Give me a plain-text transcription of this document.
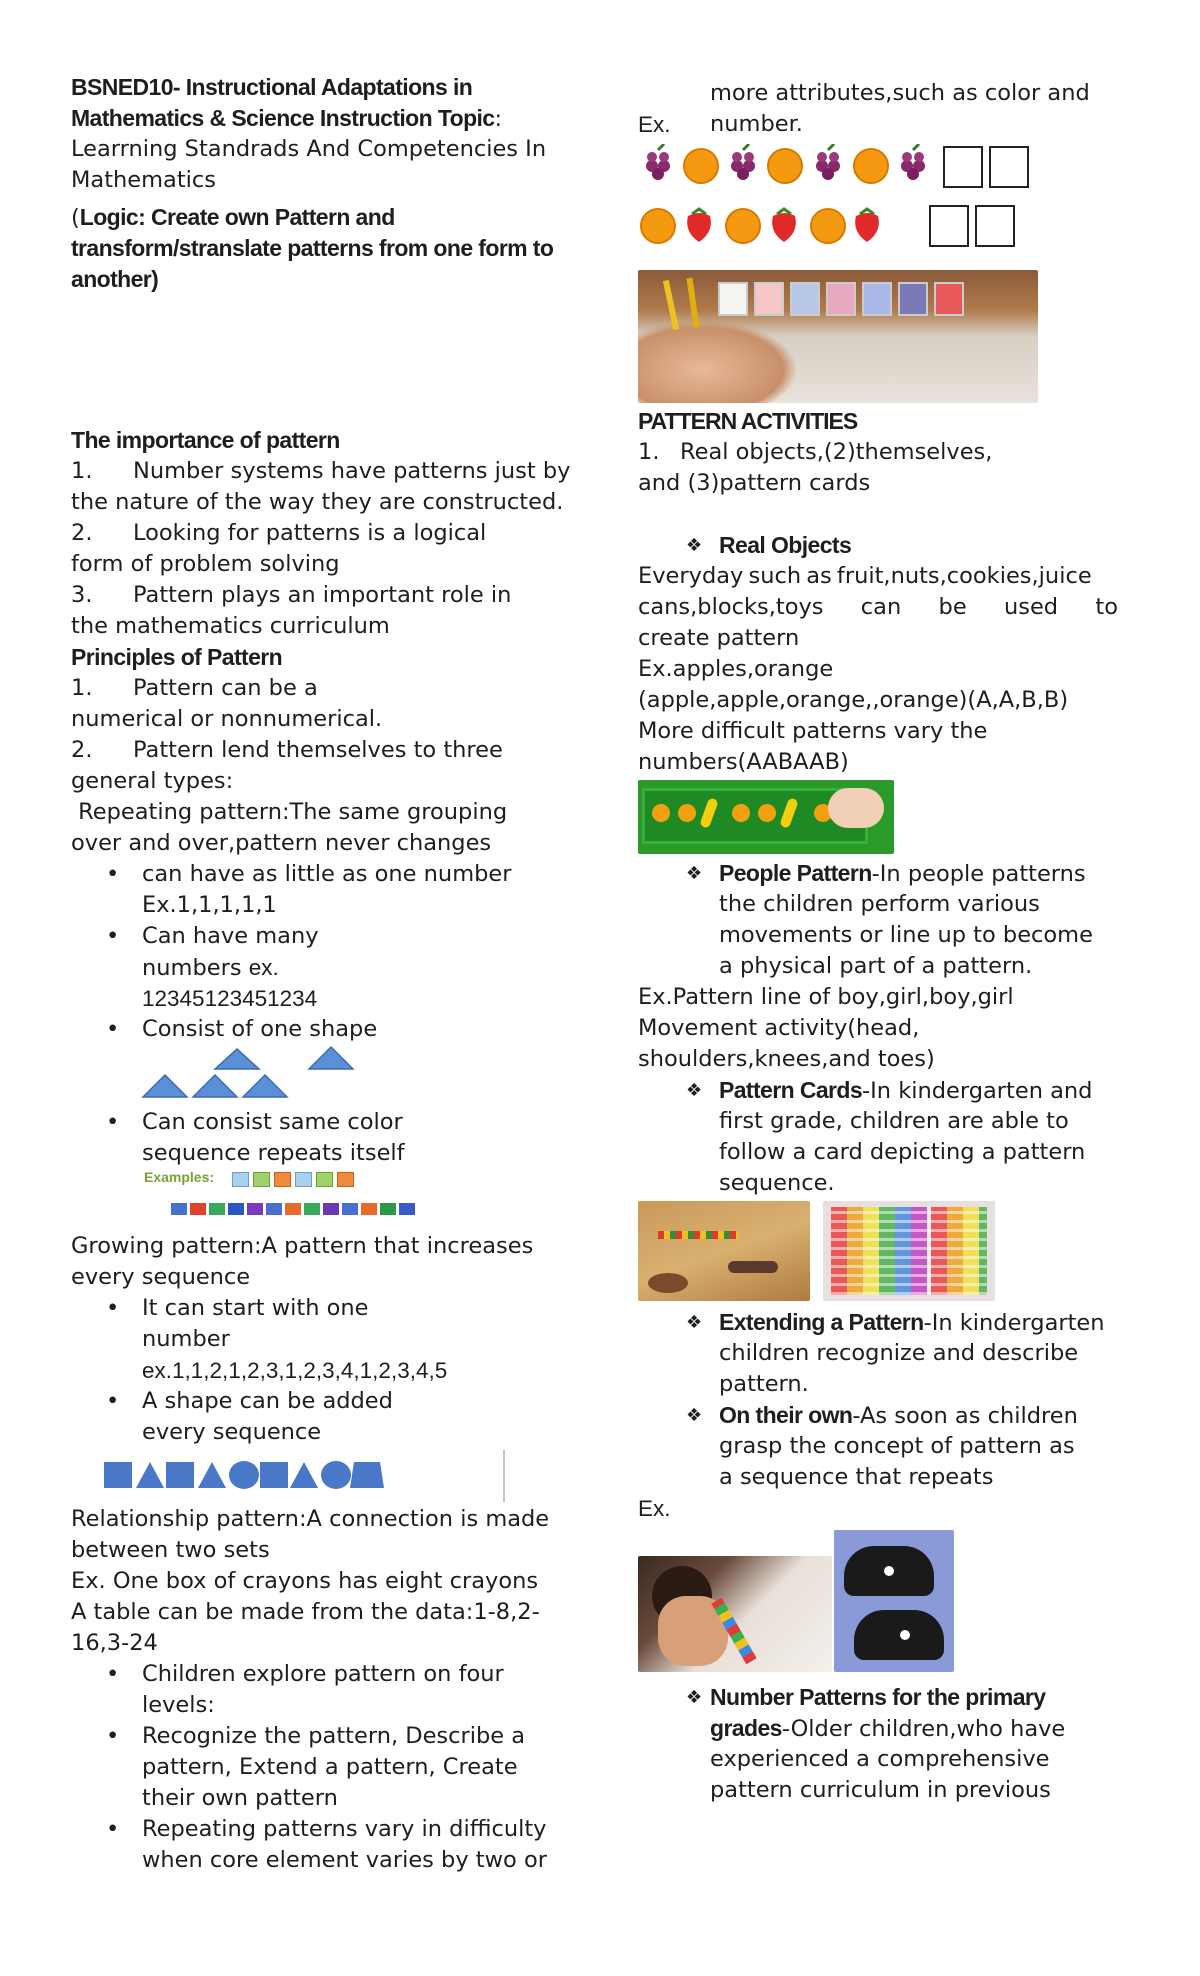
BSNED10- Instructional Adaptations in
Mathematics & Science Instruction Topic:
Learrning Standrads And Competencies In
Mathematics
(Logic: Create own Pattern and
transform/stranslate patterns from one form to
another)
The importance of pattern
1. Number systems have patterns just by
the nature of the way they are constructed.
2. Looking for patterns is a logical
form of problem solving
3. Pattern plays an important role in
the mathematics curriculum
Principles of Pattern
1. Pattern can be a
numerical or nonnumerical.
2. Pattern lend themselves to three
general types:
Repeating pattern:The same grouping
over and over,pattern never changes
• can have as little as one number
Ex.1,1,1,1,1
• Can have many
numbers ex.
12345123451234
• Consist of one shape
• Can consist same color
sequence repeats itself
Examples:
Growing pattern:A pattern that increases
every sequence
• It can start with one
number
ex.1,1,2,1,2,3,1,2,3,4,1,2,3,4,5
• A shape can be added
every sequence
Relationship pattern:A connection is made
between two sets
Ex. One box of crayons has eight crayons
A table can be made from the data:1-8,2-
16,3-24
• Children explore pattern on four
levels:
• Recognize the pattern, Describe a
pattern, Extend a pattern, Create
their own pattern
• Repeating patterns vary in difficulty
when core element varies by two or
more attributes,such as color and
Ex. number.
PATTERN ACTIVITIES
1. Real objects,(2)themselves,
and (3)pattern cards
❖ Real Objects
Everyday such as fruit,nuts,cookies,juice
cans,blocks,toys can be used to
create pattern
Ex.apples,orange
(apple,apple,orange,,orange)(A,A,B,B)
More difficult patterns vary the
numbers(AABAAB)
❖ People Pattern-In people patterns
the children perform various
movements or line up to become
a physical part of a pattern.
Ex.Pattern line of boy,girl,boy,girl
Movement activity(head,
shoulders,knees,and toes)
❖ Pattern Cards-In kindergarten and
first grade, children are able to
follow a card depicting a pattern
sequence.
❖ Extending a Pattern-In kindergarten
children recognize and describe
pattern.
❖ On their own-As soon as children
grasp the concept of pattern as
a sequence that repeats
Ex.
❖ Number Patterns for the primary
grades-Older children,who have
experienced a comprehensive
pattern curriculum in previous
